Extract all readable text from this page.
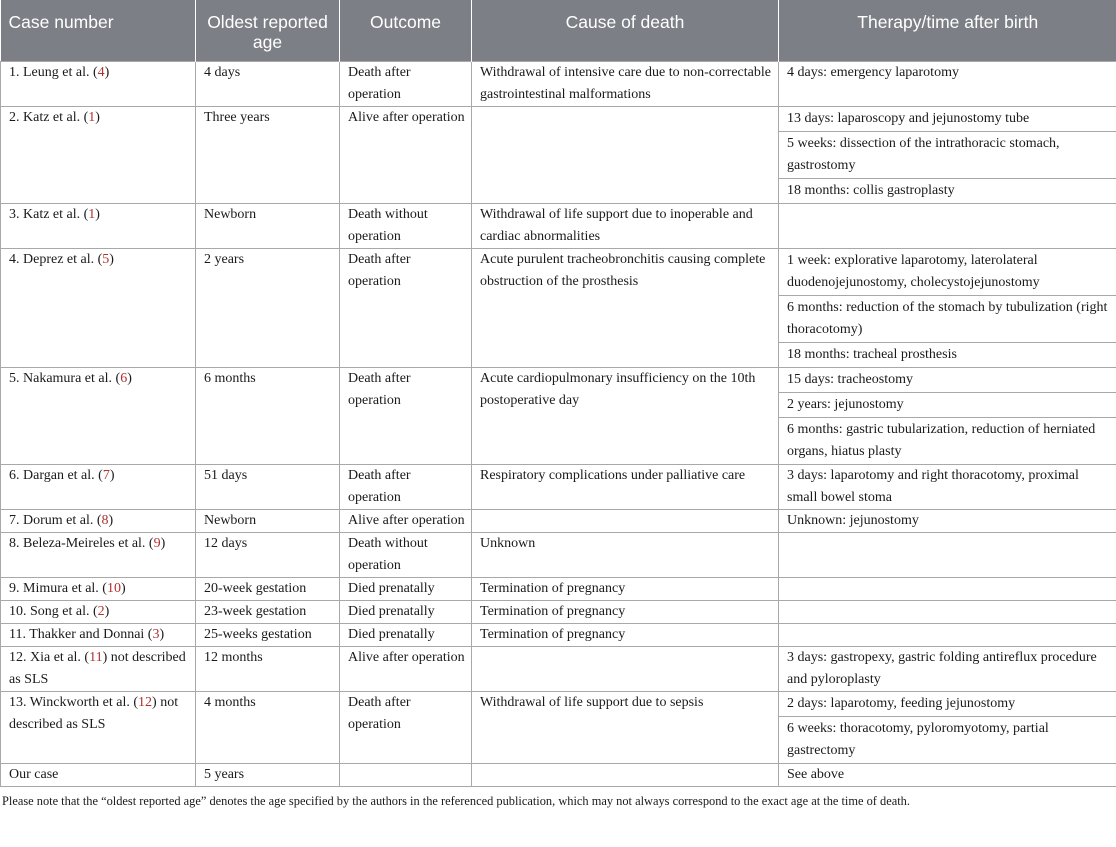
Case number	Oldest reported age	Outcome	Cause of death	Therapy/time after birth
1. Leung et al. (4)	4 days	Death after operation	Withdrawal of intensive care due to non-correctable gastrointestinal malformations	4 days: emergency laparotomy
2. Katz et al. (1)	Three years	Alive after operation		13 days: laparoscopy and jejunostomy tube
				5 weeks: dissection of the intrathoracic stomach, gastrostomy
				18 months: collis gastroplasty
3. Katz et al. (1)	Newborn	Death without operation	Withdrawal of life support due to inoperable and cardiac abnormalities	
4. Deprez et al. (5)	2 years	Death after operation	Acute purulent tracheobronchitis causing complete obstruction of the prosthesis	1 week: explorative laparotomy, laterolateral duodenojejunostomy, cholecystojejunostomy
				6 months: reduction of the stomach by tubulization (right thoracotomy)
				18 months: tracheal prosthesis
5. Nakamura et al. (6)	6 months	Death after operation	Acute cardiopulmonary insufficiency on the 10th postoperative day	15 days: tracheostomy
				2 years: jejunostomy
				6 months: gastric tubularization, reduction of herniated organs, hiatus plasty
6. Dargan et al. (7)	51 days	Death after operation	Respiratory complications under palliative care	3 days: laparotomy and right thoracotomy, proximal small bowel stoma
7. Dorum et al. (8)	Newborn	Alive after operation		Unknown: jejunostomy
8. Beleza-Meireles et al. (9)	12 days	Death without operation	Unknown	
9. Mimura et al. (10)	20-week gestation	Died prenatally	Termination of pregnancy	
10. Song et al. (2)	23-week gestation	Died prenatally	Termination of pregnancy	
11. Thakker and Donnai (3)	25-weeks gestation	Died prenatally	Termination of pregnancy	
12. Xia et al. (11) not described as SLS	12 months	Alive after operation		3 days: gastropexy, gastric folding antireflux procedure and pyloroplasty
13. Winckworth et al. (12) not described as SLS	4 months	Death after operation	Withdrawal of life support due to sepsis	2 days: laparotomy, feeding jejunostomy
				6 weeks: thoracotomy, pyloromyotomy, partial gastrectomy
Our case	5 years			See above
Please note that the “oldest reported age” denotes the age specified by the authors in the referenced publication, which may not always correspond to the exact age at the time of death.
